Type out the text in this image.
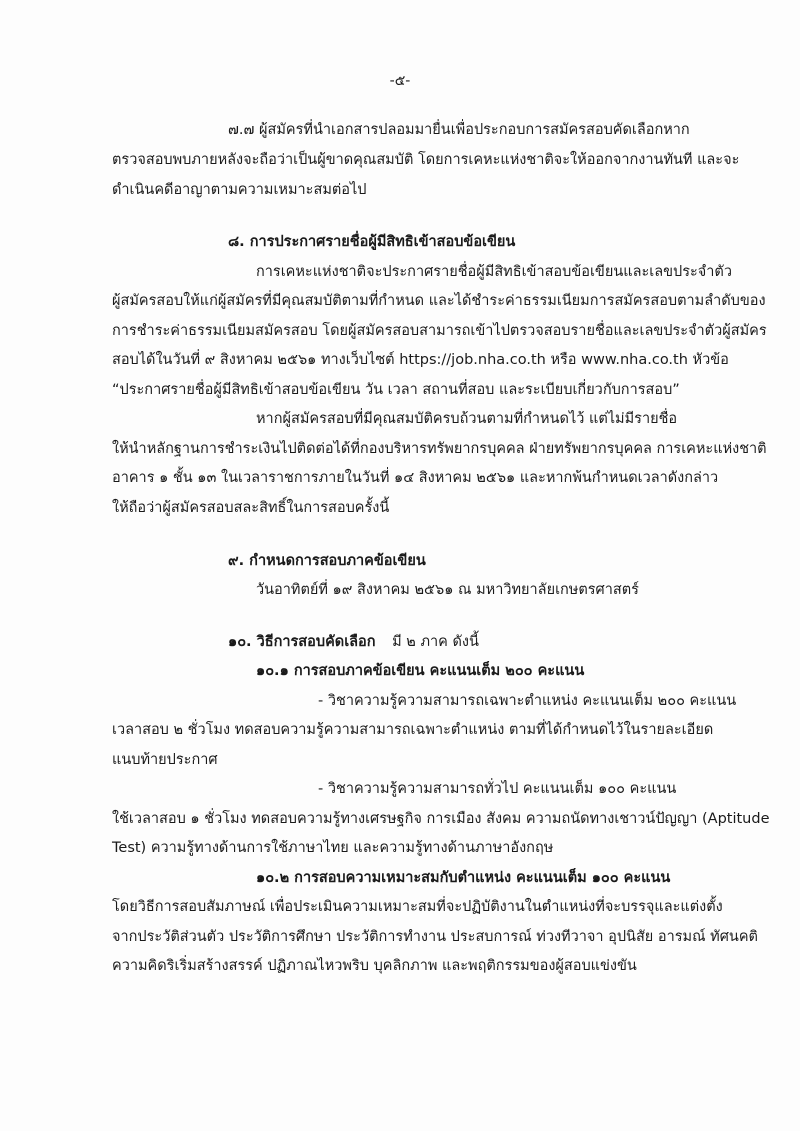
-๕-
๗.๗ ผู้สมัครที่นำเอกสารปลอมมายื่นเพื่อประกอบการสมัครสอบคัดเลือกหาก
ตรวจสอบพบภายหลังจะถือว่าเป็นผู้ขาดคุณสมบัติ โดยการเคหะแห่งชาติจะให้ออกจากงานทันที และจะ
ดำเนินคดีอาญาตามความเหมาะสมต่อไป
๘. การประกาศรายชื่อผู้มีสิทธิเข้าสอบข้อเขียน
การเคหะแห่งชาติจะประกาศรายชื่อผู้มีสิทธิเข้าสอบข้อเขียนและเลขประจำตัว
ผู้สมัครสอบให้แก่ผู้สมัครที่มีคุณสมบัติตามที่กำหนด และได้ชำระค่าธรรมเนียมการสมัครสอบตามลำดับของ
การชำระค่าธรรมเนียมสมัครสอบ โดยผู้สมัครสอบสามารถเข้าไปตรวจสอบรายชื่อและเลขประจำตัวผู้สมัคร
สอบได้ในวันที่ ๙ สิงหาคม ๒๕๖๑ ทางเว็บไซต์ https://job.nha.co.th หรือ www.nha.co.th หัวข้อ
“ประกาศรายชื่อผู้มีสิทธิเข้าสอบข้อเขียน วัน เวลา สถานที่สอบ และระเบียบเกี่ยวกับการสอบ”
หากผู้สมัครสอบที่มีคุณสมบัติครบถ้วนตามที่กำหนดไว้ แต่ไม่มีรายชื่อ
ให้นำหลักฐานการชำระเงินไปติดต่อได้ที่กองบริหารทรัพยากรบุคคล ฝ่ายทรัพยากรบุคคล การเคหะแห่งชาติ
อาคาร ๑ ชั้น ๑๓ ในเวลาราชการภายในวันที่ ๑๔ สิงหาคม ๒๕๖๑ และหากพ้นกำหนดเวลาดังกล่าว
ให้ถือว่าผู้สมัครสอบสละสิทธิ์ในการสอบครั้งนี้
๙. กำหนดการสอบภาคข้อเขียน
วันอาทิตย์ที่ ๑๙ สิงหาคม ๒๕๖๑ ณ มหาวิทยาลัยเกษตรศาสตร์
๑๐. วิธีการสอบคัดเลือก มี ๒ ภาค ดังนี้
๑๐.๑ การสอบภาคข้อเขียน คะแนนเต็ม ๒๐๐ คะแนน
- วิชาความรู้ความสามารถเฉพาะตำแหน่ง คะแนนเต็ม ๒๐๐ คะแนน
เวลาสอบ ๒ ชั่วโมง ทดสอบความรู้ความสามารถเฉพาะตำแหน่ง ตามที่ได้กำหนดไว้ในรายละเอียด
แนบท้ายประกาศ
- วิชาความรู้ความสามารถทั่วไป คะแนนเต็ม ๑๐๐ คะแนน
ใช้เวลาสอบ ๑ ชั่วโมง ทดสอบความรู้ทางเศรษฐกิจ การเมือง สังคม ความถนัดทางเชาวน์ปัญญา (Aptitude
Test) ความรู้ทางด้านการใช้ภาษาไทย และความรู้ทางด้านภาษาอังกฤษ
๑๐.๒ การสอบความเหมาะสมกับตำแหน่ง คะแนนเต็ม ๑๐๐ คะแนน
โดยวิธีการสอบสัมภาษณ์ เพื่อประเมินความเหมาะสมที่จะปฏิบัติงานในตำแหน่งที่จะบรรจุและแต่งตั้ง
จากประวัติส่วนตัว ประวัติการศึกษา ประวัติการทำงาน ประสบการณ์ ท่วงทีวาจา อุปนิสัย อารมณ์ ทัศนคติ
ความคิดริเริ่มสร้างสรรค์ ปฏิภาณไหวพริบ บุคลิกภาพ และพฤติกรรมของผู้สอบแข่งขัน
